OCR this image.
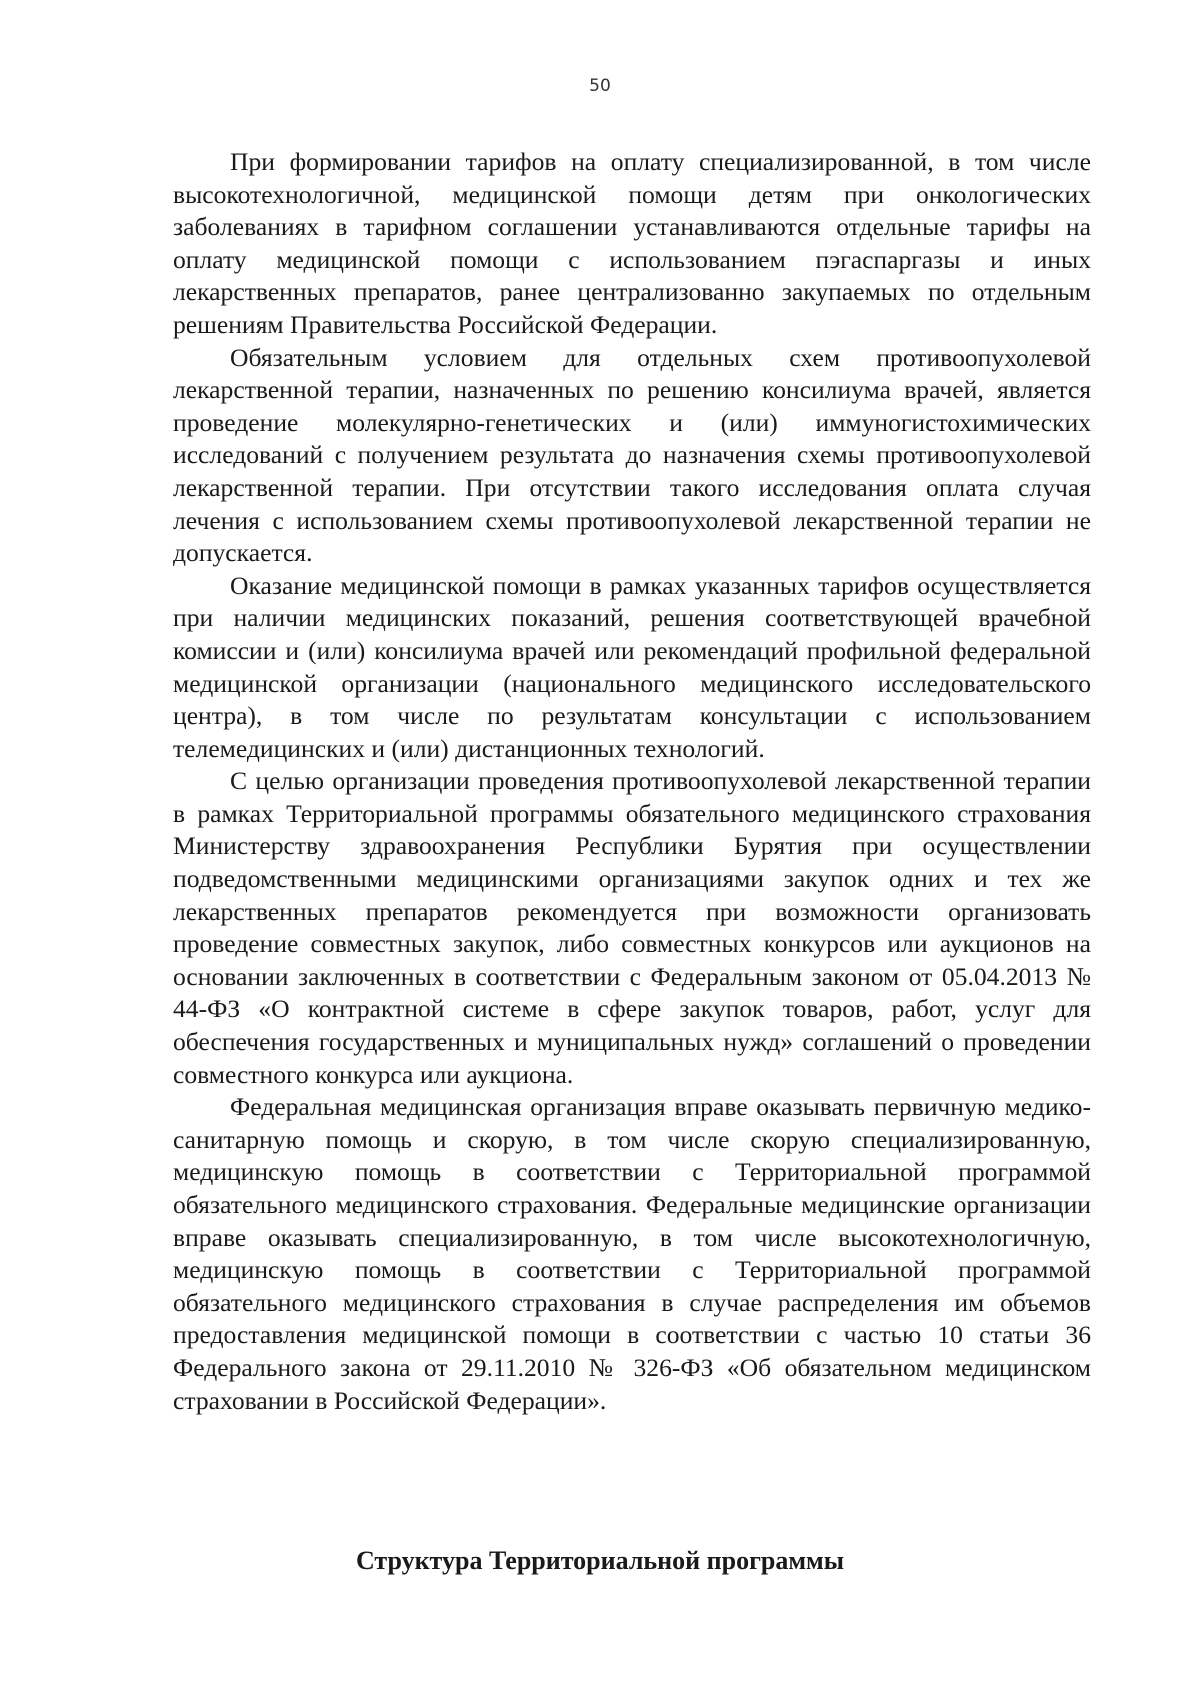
50

При формировании тарифов на оплату специализированной, в том числе высокотехнологичной, медицинской помощи детям при онкологических заболеваниях в тарифном соглашении устанавливаются отдельные тарифы на оплату медицинской помощи с использованием пэгаспаргазы и иных лекарственных препаратов, ранее централизованно закупаемых по отдельным решениям Правительства Российской Федерации.

Обязательным условием для отдельных схем противоопухолевой лекарственной терапии, назначенных по решению консилиума врачей, является проведение молекулярно-генетических и (или) иммуногистохимических исследований с получением результата до назначения схемы противоопухолевой лекарственной терапии. При отсутствии такого исследования оплата случая лечения с использованием схемы противоопухолевой лекарственной терапии не допускается.

Оказание медицинской помощи в рамках указанных тарифов осуществляется при наличии медицинских показаний, решения соответствующей врачебной комиссии и (или) консилиума врачей или рекомендаций профильной федеральной медицинской организации (национального медицинского исследовательского центра), в том числе по результатам консультации с использованием телемедицинских и (или) дистанционных технологий.

С целью организации проведения противоопухолевой лекарственной терапии в рамках Территориальной программы обязательного медицинского страхования Министерству здравоохранения Республики Бурятия при осуществлении подведомственными медицинскими организациями закупок одних и тех же лекарственных препаратов рекомендуется при возможности организовать проведение совместных закупок, либо совместных конкурсов или аукционов на основании заключенных в соответствии с Федеральным законом от 05.04.2013 № 44-ФЗ «О контрактной системе в сфере закупок товаров, работ, услуг для обеспечения государственных и муниципальных нужд» соглашений о проведении совместного конкурса или аукциона.

Федеральная медицинская организация вправе оказывать первичную медико-санитарную помощь и скорую, в том числе скорую специализированную, медицинскую помощь в соответствии с Территориальной программой обязательного медицинского страхования. Федеральные медицинские организации вправе оказывать специализированную, в том числе высокотехнологичную, медицинскую помощь в соответствии с Территориальной программой обязательного медицинского страхования в случае распределения им объемов предоставления медицинской помощи в соответствии с частью 10 статьи 36 Федерального закона от 29.11.2010 № 326-ФЗ «Об обязательном медицинском страховании в Российской Федерации».

Структура Территориальной программы
